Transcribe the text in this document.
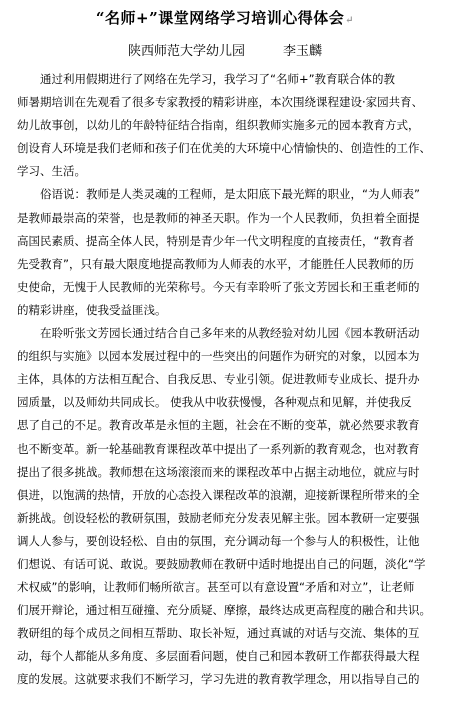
“名师+”课堂网络学习培训心得体会↵
陕西师范大学幼儿园	李玉麟
　　通过利用假期进行了网络在先学习，我学习了“名师+”教育联合体的教
师暑期培训在先观看了很多专家教授的精彩讲座，本次围绕课程建设·家园共育、
幼儿故事创，以幼儿的年龄特征结合指南，组织教师实施多元的园本教育方式，
创设育人环境是我们老师和孩子们在优美的大环境中心情愉快的、创造性的工作、
学习、生活。
　　俗语说：教师是人类灵魂的工程师，是太阳底下最光辉的职业，“为人师表”
是教师最崇高的荣誉，也是教师的神圣天职。作为一个人民教师，负担着全面提
高国民素质、提高全体人民，特别是青少年一代文明程度的直接责任，“教育者
先受教育”，只有最大限度地提高教师为人师表的水平，才能胜任人民教师的历
史使命，无愧于人民教师的光荣称号。今天有幸聆听了张文芳园长和王重老师的
的精彩讲座，使我受益匪浅。
　　在聆听张文芳园长通过结合自己多年来的从教经验对幼儿园《园本教研活动
的组织与实施》以园本发展过程中的一些突出的问题作为研究的对象，以园本为
主体，具体的方法相互配合、自我反思、专业引领。促进教师专业成长、提升办
园质量，以及师幼共同成长。 使我从中收获慢慢，各种观点和见解，并使我反
思了自己的不足。教育改革是永恒的主题，社会在不断的变革，就必然要求教育
也不断变革。新一轮基础教育课程改革中提出了一系列新的教育观念，也对教育
提出了很多挑战。教师想在这场滚滚而来的课程改革中占据主动地位，就应与时
俱进，以饱满的热情，开放的心态投入课程改革的浪潮，迎接新课程所带来的全
新挑战。创设轻松的教研氛围，鼓励老师充分发表见解主张。园本教研一定要强
调人人参与，要创设轻松、自由的氛围，充分调动每一个参与人的积极性，让他
们想说、有话可说、敢说。要鼓励教师在教研中适时地提出自己的问题，淡化“学
术权威”的影响，让教师们畅所欲言。甚至可以有意设置“矛盾和对立”，让老师
们展开辩论，通过相互碰撞、充分质疑、摩擦，最终达成更高程度的融合和共识。
教研组的每个成员之间相互帮助、取长补短，通过真诚的对话与交流、集体的互
动，每个人都能从多角度、多层面看问题，使自己和园本教研工作都获得最大程
度的发展。这就要求我们不断学习，学习先进的教育教学理念，用以指导自己的
